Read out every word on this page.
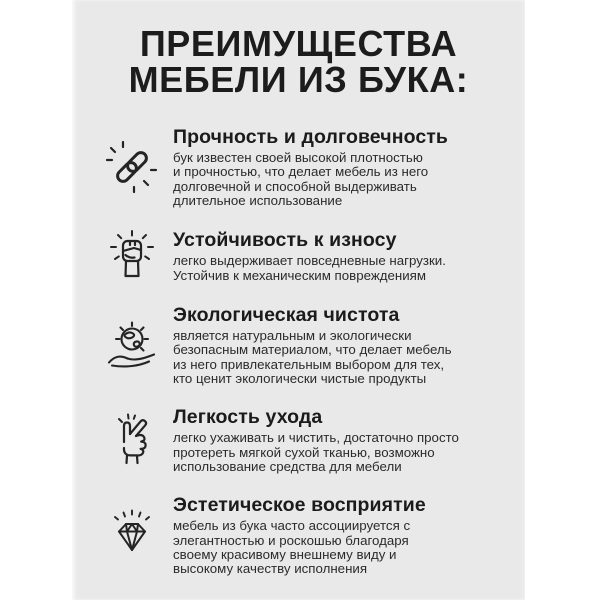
ПРЕИМУЩЕСТВА
МЕБЕЛИ ИЗ БУКА:
Прочность и долговечность
бук известен своей высокой плотностью
и прочностью, что делает мебель из него
долговечной и способной выдерживать
длительное использование
Устойчивость к износу
легко выдерживает повседневные нагрузки.
Устойчив к механическим повреждениям
Экологическая чистота
является натуральным и экологически
безопасным материалом, что делает мебель
из него привлекательным выбором для тех,
кто ценит экологически чистые продукты
Легкость ухода
легко ухаживать и чистить, достаточно просто
протереть мягкой сухой тканью, возможно
использование средства для мебели
Эстетическое восприятие
мебель из бука часто ассоциируется с
элегантностью и роскошью благодаря
своему красивому внешнему виду и
высокому качеству исполнения
